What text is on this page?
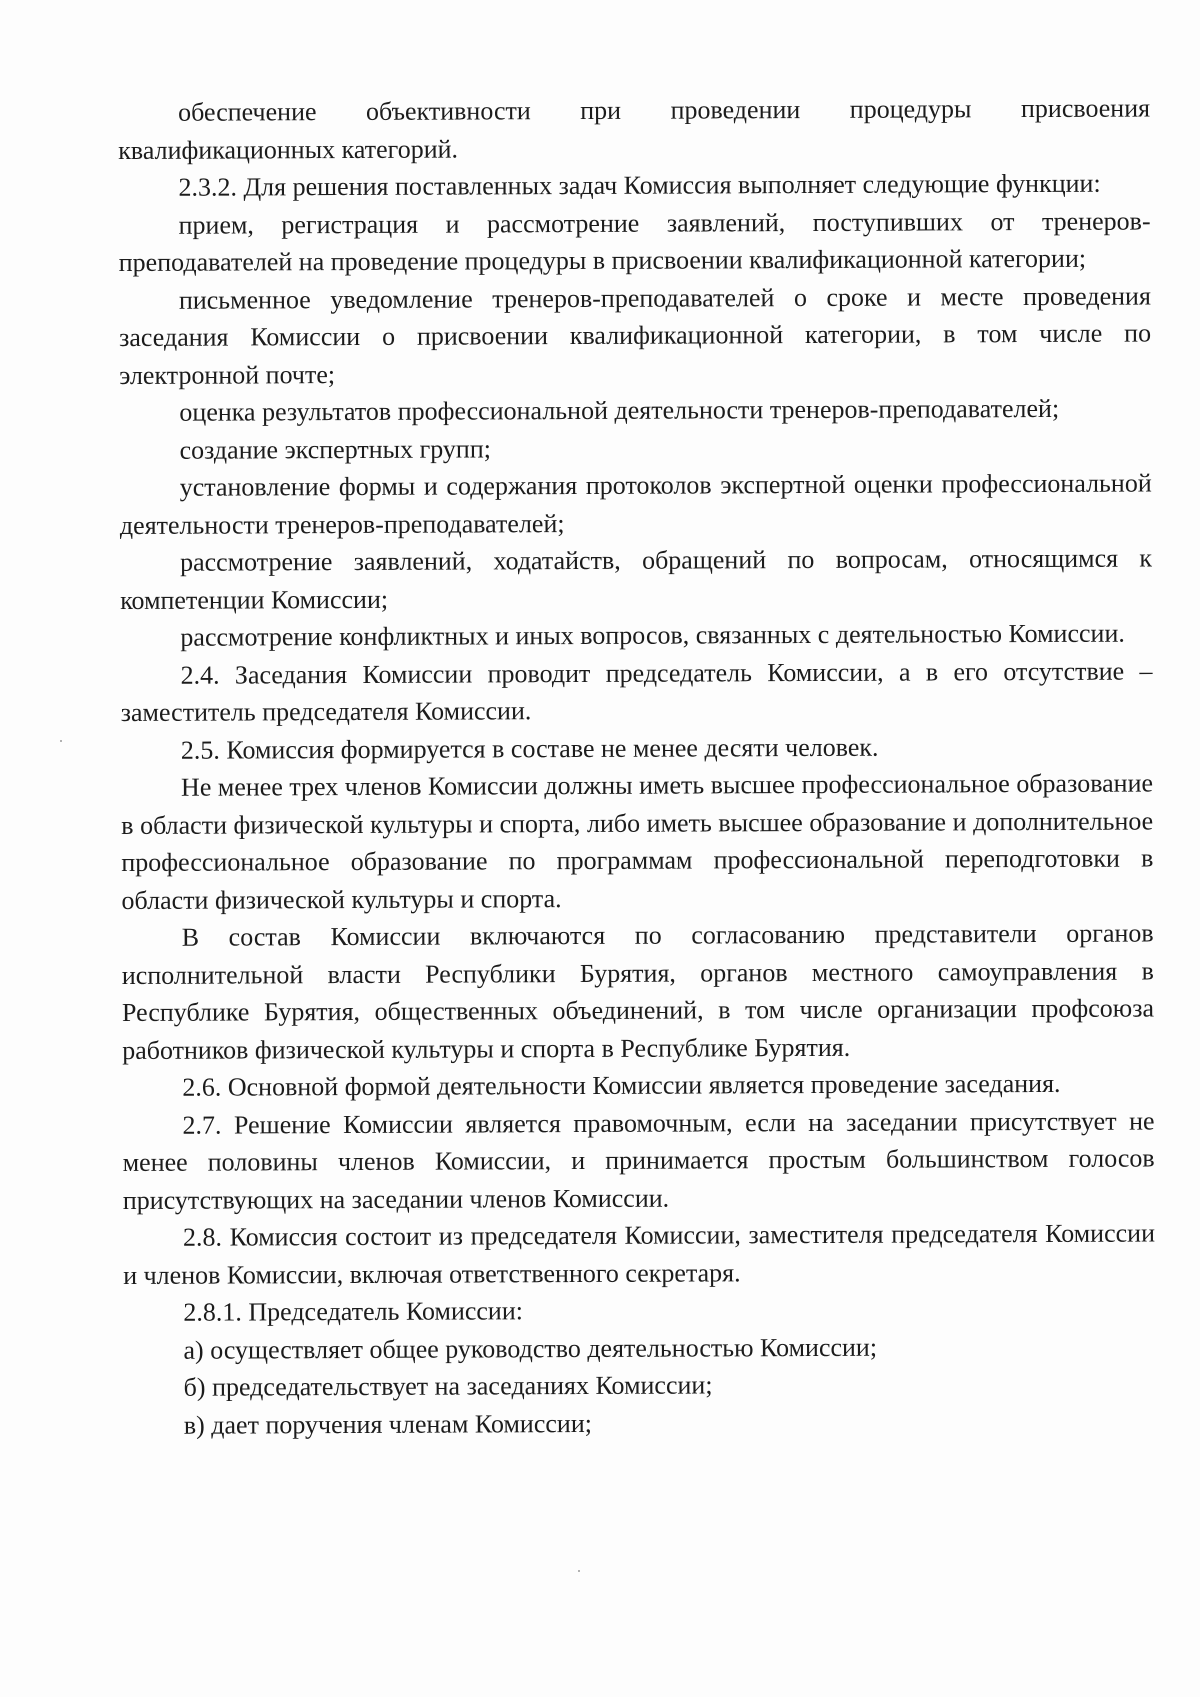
обеспечение объективности при проведении процедуры присвоения квалификационных категорий.

2.3.2. Для решения поставленных задач Комиссия выполняет следующие функции:

прием, регистрация и рассмотрение заявлений, поступивших от тренеров-преподавателей на проведение процедуры в присвоении квалификационной категории;

письменное уведомление тренеров-преподавателей о сроке и месте проведения заседания Комиссии о присвоении квалификационной категории, в том числе по электронной почте;

оценка результатов профессиональной деятельности тренеров-преподавателей;

создание экспертных групп;

установление формы и содержания протоколов экспертной оценки профессиональной деятельности тренеров-преподавателей;

рассмотрение заявлений, ходатайств, обращений по вопросам, относящимся к компетенции Комиссии;

рассмотрение конфликтных и иных вопросов, связанных с деятельностью Комиссии.

2.4. Заседания Комиссии проводит председатель Комиссии, а в его отсутствие – заместитель председателя Комиссии.

2.5. Комиссия формируется в составе не менее десяти человек.

Не менее трех членов Комиссии должны иметь высшее профессиональное образование в области физической культуры и спорта, либо иметь высшее образование и дополнительное профессиональное образование по программам профессиональной переподготовки в области физической культуры и спорта.

В состав Комиссии включаются по согласованию представители органов исполнительной власти Республики Бурятия, органов местного самоуправления в Республике Бурятия, общественных объединений, в том числе организации профсоюза работников физической культуры и спорта в Республике Бурятия.

2.6. Основной формой деятельности Комиссии является проведение заседания.

2.7. Решение Комиссии является правомочным, если на заседании присутствует не менее половины членов Комиссии, и принимается простым большинством голосов присутствующих на заседании членов Комиссии.

2.8. Комиссия состоит из председателя Комиссии, заместителя председателя Комиссии и членов Комиссии, включая ответственного секретаря.

2.8.1. Председатель Комиссии:

а) осуществляет общее руководство деятельностью Комиссии;

б) председательствует на заседаниях Комиссии;

в) дает поручения членам Комиссии;
